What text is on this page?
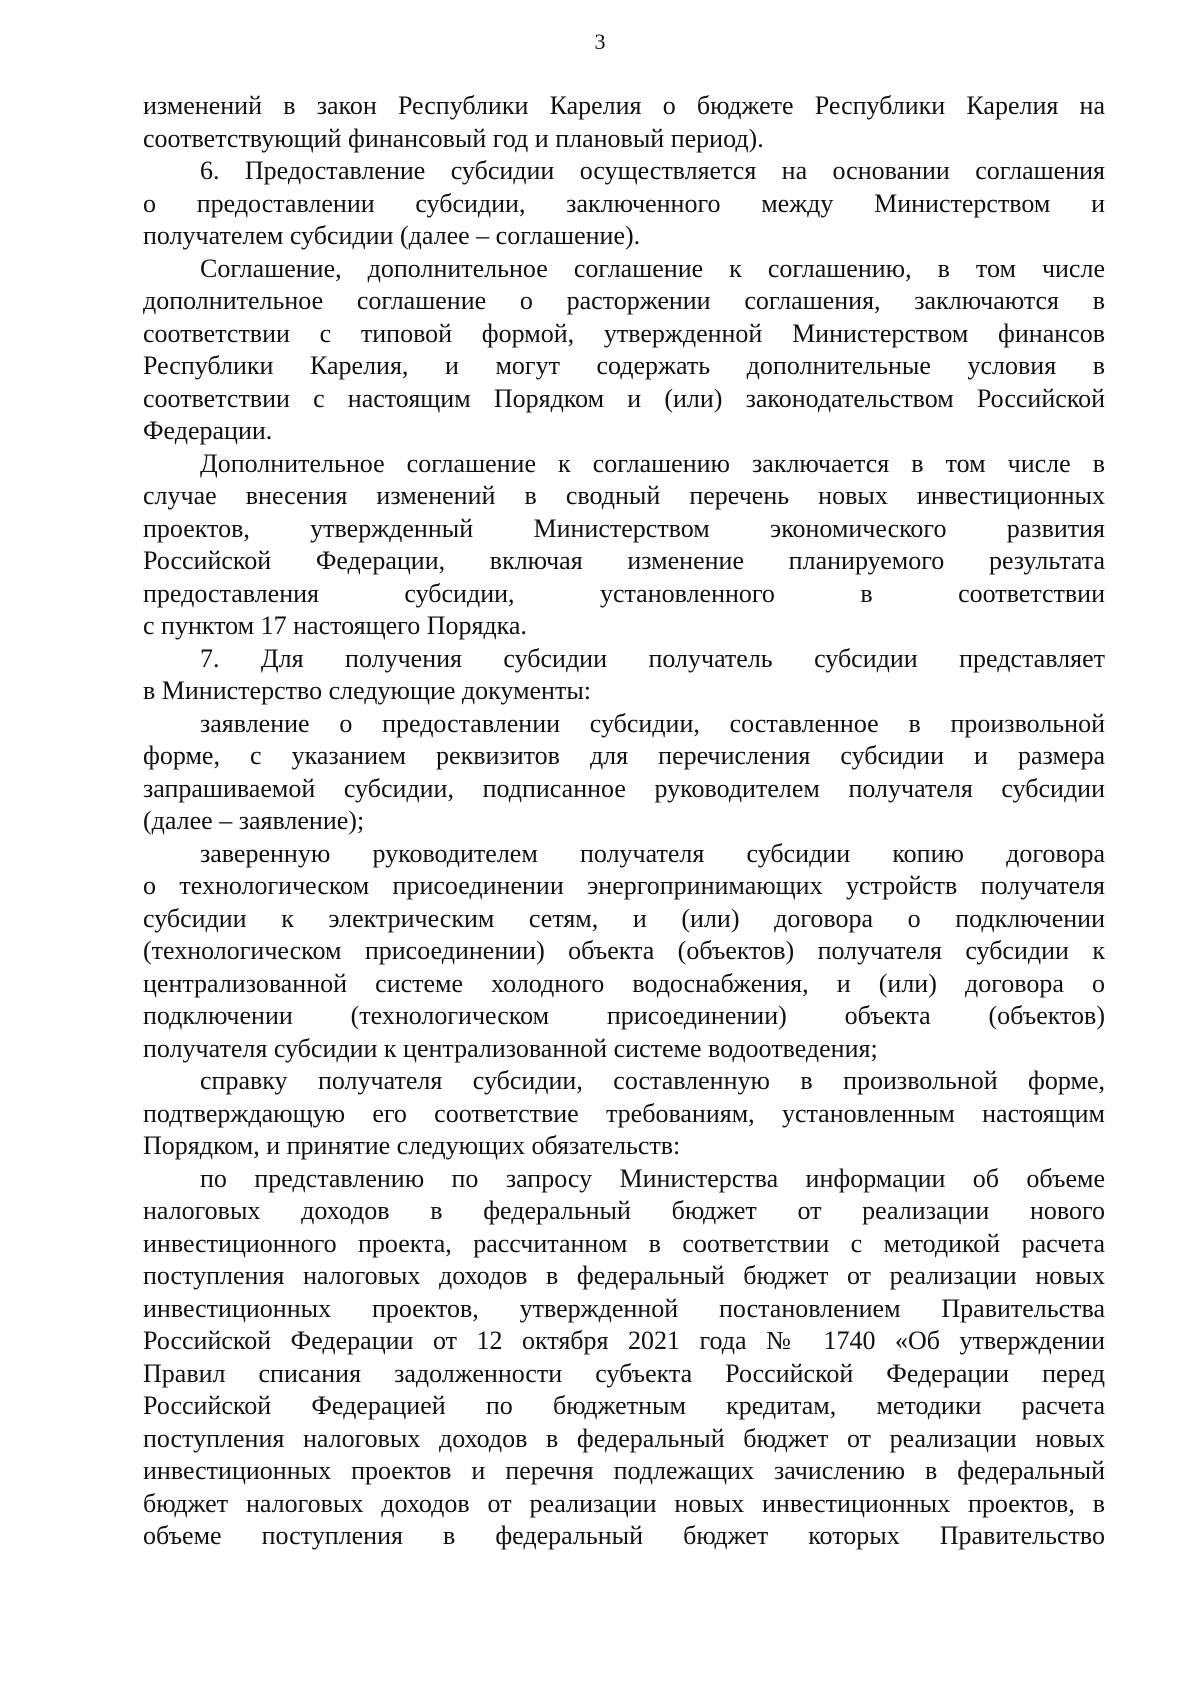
3
изменений в закон Республики Карелия о бюджете Республики Карелия на
соответствующий финансовый год и плановый период).
6. Предоставление субсидии осуществляется на основании соглашения
о предоставлении субсидии, заключенного между Министерством и
получателем субсидии (далее – соглашение).
Соглашение, дополнительное соглашение к соглашению, в том числе
дополнительное соглашение о расторжении соглашения, заключаются в
соответствии с типовой формой, утвержденной Министерством финансов
Республики Карелия, и могут содержать дополнительные условия в
соответствии с настоящим Порядком и (или) законодательством Российской
Федерации.
Дополнительное соглашение к соглашению заключается в том числе в
случае внесения изменений в сводный перечень новых инвестиционных
проектов, утвержденный Министерством экономического развития
Российской Федерации, включая изменение планируемого результата
предоставления субсидии, установленного в соответствии
с пунктом 17 настоящего Порядка.
7. Для получения субсидии получатель субсидии представляет
в Министерство следующие документы:
заявление о предоставлении субсидии, составленное в произвольной
форме, с указанием реквизитов для перечисления субсидии и размера
запрашиваемой субсидии, подписанное руководителем получателя субсидии
(далее – заявление);
заверенную руководителем получателя субсидии копию договора
о технологическом присоединении энергопринимающих устройств получателя
субсидии к электрическим сетям, и (или) договора о подключении
(технологическом присоединении) объекта (объектов) получателя субсидии к
централизованной системе холодного водоснабжения, и (или) договора о
подключении (технологическом присоединении) объекта (объектов)
получателя субсидии к централизованной системе водоотведения;
справку получателя субсидии, составленную в произвольной форме,
подтверждающую его соответствие требованиям, установленным настоящим
Порядком, и принятие следующих обязательств:
по представлению по запросу Министерства информации об объеме
налоговых доходов в федеральный бюджет от реализации нового
инвестиционного проекта, рассчитанном в соответствии с методикой расчета
поступления налоговых доходов в федеральный бюджет от реализации новых
инвестиционных проектов, утвержденной постановлением Правительства
Российской Федерации от 12 октября 2021 года № 1740 «Об утверждении
Правил списания задолженности субъекта Российской Федерации перед
Российской Федерацией по бюджетным кредитам, методики расчета
поступления налоговых доходов в федеральный бюджет от реализации новых
инвестиционных проектов и перечня подлежащих зачислению в федеральный
бюджет налоговых доходов от реализации новых инвестиционных проектов, в
объеме поступления в федеральный бюджет которых Правительство
